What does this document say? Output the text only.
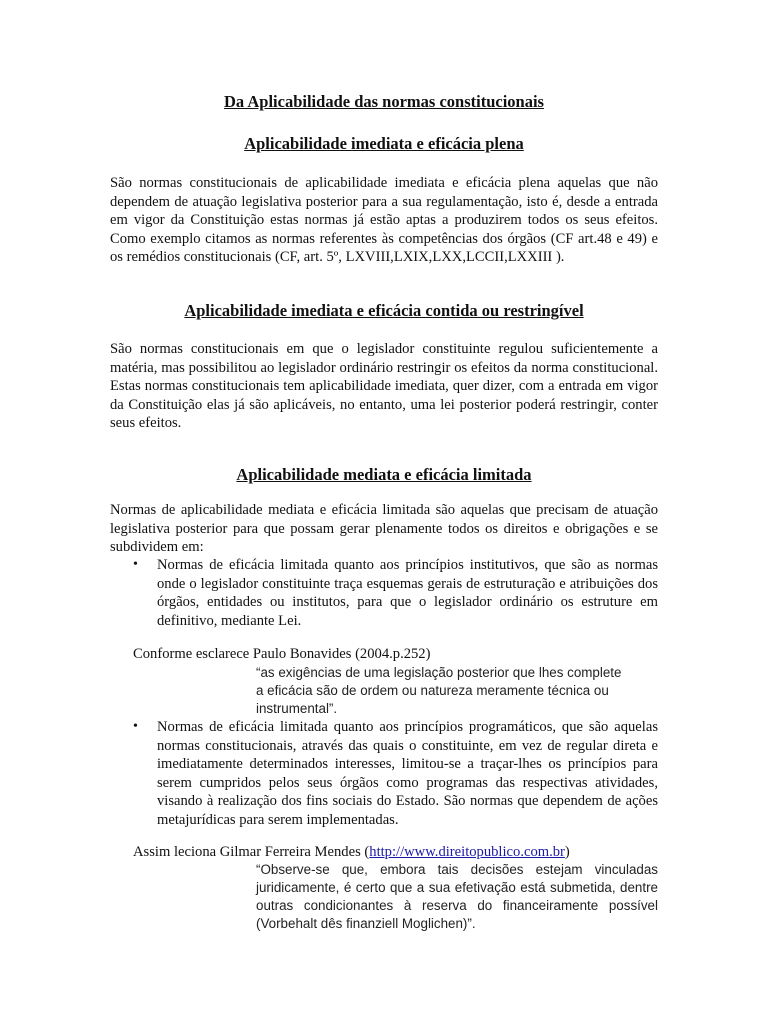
Da Aplicabilidade das normas constitucionais
Aplicabilidade imediata e eficácia plena

São normas constitucionais de aplicabilidade imediata e eficácia plena aquelas que não dependem de atuação legislativa posterior para a sua regulamentação, isto é, desde a entrada em vigor da Constituição estas normas já estão aptas a produzirem todos os seus efeitos. Como exemplo citamos as normas referentes às competências dos órgãos (CF art.48 e 49) e os remédios constitucionais (CF, art. 5º, LXVIII,LXIX,LXX,LCCII,LXXIII ).

Aplicabilidade imediata e eficácia contida ou restringível

São normas constitucionais em que o legislador constituinte regulou suficientemente a matéria, mas possibilitou ao legislador ordinário restringir os efeitos da norma constitucional. Estas normas constitucionais tem aplicabilidade imediata, quer dizer, com a entrada em vigor da Constituição elas já são aplicáveis, no entanto, uma lei posterior poderá restringir, conter seus efeitos.

Aplicabilidade mediata e eficácia limitada

Normas de aplicabilidade mediata e eficácia limitada são aquelas que precisam de atuação legislativa posterior para que possam gerar plenamente todos os direitos e obrigações e se subdividem em:

•	Normas de eficácia limitada quanto aos princípios institutivos, que são as normas onde o legislador constituinte traça esquemas gerais de estruturação e atribuições dos órgãos, entidades ou institutos, para que o legislador ordinário os estruture em definitivo, mediante Lei.

Conforme esclarece Paulo Bonavides (2004.p.252)

“as exigências de uma legislação posterior que lhes complete a eficácia são de ordem ou natureza meramente técnica ou instrumental”.

•	Normas de eficácia limitada quanto aos princípios programáticos, que são aquelas normas constitucionais, através das quais o constituinte, em vez de regular direta e imediatamente determinados interesses, limitou-se a traçar-lhes os princípios para serem cumpridos pelos seus órgãos como programas das respectivas atividades, visando à realização dos fins sociais do Estado. São normas que dependem de ações metajurídicas para serem implementadas.

Assim leciona Gilmar Ferreira Mendes (http://www.direitopublico.com.br)

“Observe-se que, embora tais decisões estejam vinculadas juridicamente, é certo que a sua efetivação está submetida, dentre outras condicionantes à reserva do financeiramente possível (Vorbehalt dês finanziell Moglichen)”.
